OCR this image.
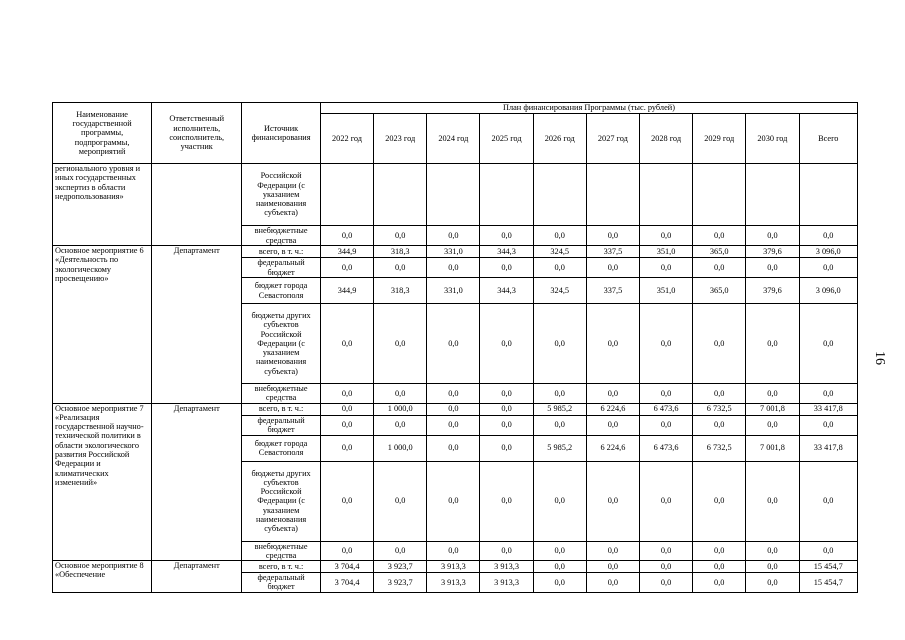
Наименование государственной программы, подпрограммы, мероприятий	Ответственный исполнитель, соисполнитель, участник	Источник финансирования	План финансирования Программы (тыс. рублей)									
			2022 год	2023 год	2024 год	2025 год	2026 год	2027 год	2028 год	2029 год	2030 год	Всего
регионального уровня и иных государственных экспертиз в области недропользования»		Российской Федерации (с указанием наименования субъекта)										
		внебюджетные средства	0,0	0,0	0,0	0,0	0,0	0,0	0,0	0,0	0,0	0,0
Основное мероприятие 6 «Деятельность по экологическому просвещению»	Департамент	всего, в т. ч.:	344,9	318,3	331,0	344,3	324,5	337,5	351,0	365,0	379,6	3 096,0
		федеральный бюджет	0,0	0,0	0,0	0,0	0,0	0,0	0,0	0,0	0,0	0,0
		бюджет города Севастополя	344,9	318,3	331,0	344,3	324,5	337,5	351,0	365,0	379,6	3 096,0
		бюджеты других субъектов Российской Федерации (с указанием наименования субъекта)	0,0	0,0	0,0	0,0	0,0	0,0	0,0	0,0	0,0	0,0
		внебюджетные средства	0,0	0,0	0,0	0,0	0,0	0,0	0,0	0,0	0,0	0,0
Основное мероприятие 7 «Реализация государственной научно-технической политики в области экологического развития Российской Федерации и климатических изменений»	Департамент	всего, в т. ч.:	0,0	1 000,0	0,0	0,0	5 985,2	6 224,6	6 473,6	6 732,5	7 001,8	33 417,8
		федеральный бюджет	0,0	0,0	0,0	0,0	0,0	0,0	0,0	0,0	0,0	0,0
		бюджет города Севастополя	0,0	1 000,0	0,0	0,0	5 985,2	6 224,6	6 473,6	6 732,5	7 001,8	33 417,8
		бюджеты других субъектов Российской Федерации (с указанием наименования субъекта)	0,0	0,0	0,0	0,0	0,0	0,0	0,0	0,0	0,0	0,0
		внебюджетные средства	0,0	0,0	0,0	0,0	0,0	0,0	0,0	0,0	0,0	0,0
Основное мероприятие 8 «Обеспечение	Департамент	всего, в т. ч.:	3 704,4	3 923,7	3 913,3	3 913,3	0,0	0,0	0,0	0,0	0,0	15 454,7
		федеральный бюджет	3 704,4	3 923,7	3 913,3	3 913,3	0,0	0,0	0,0	0,0	0,0	15 454,7
16
